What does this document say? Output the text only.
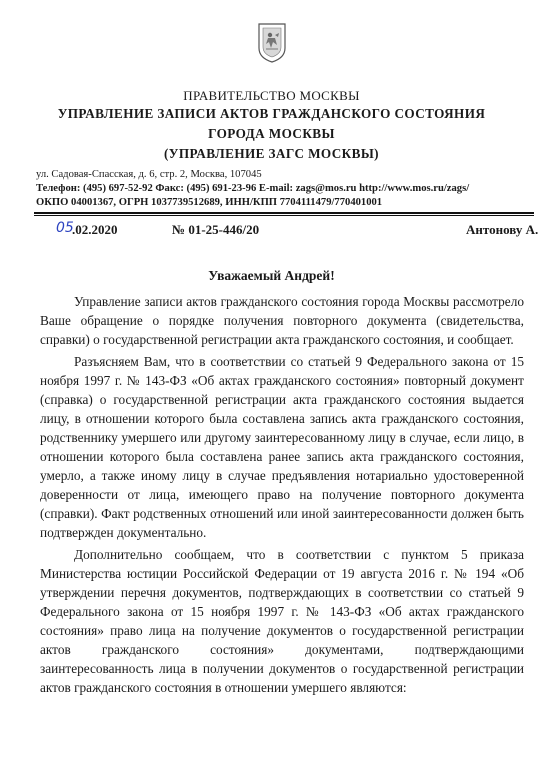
ПРАВИТЕЛЬСТВО МОСКВЫ
УПРАВЛЕНИЕ ЗАПИСИ АКТОВ ГРАЖДАНСКОГО СОСТОЯНИЯ
ГОРОДА МОСКВЫ
(УПРАВЛЕНИЕ ЗАГС МОСКВЫ)
ул. Садовая-Спасская, д. 6, стр. 2, Москва, 107045
Телефон: (495) 697-52-92 Факс: (495) 691-23-96 E-mail: zags@mos.ru http://www.mos.ru/zags/
ОКПО 04001367, ОГРН 1037739512689, ИНН/КПП 7704111479/770401001
05
.02.2020	№ 01-25-446/20	Антонову А.
Уважаемый Андрей!

Управление записи актов гражданского состояния города Москвы рассмотрело Ваше обращение о порядке получения повторного документа (свидетельства, справки) о государственной регистрации акта гражданского состояния, и сообщает.

Разъясняем Вам, что в соответствии со статьей 9 Федерального закона от 15 ноября 1997 г. № 143-ФЗ «Об актах гражданского состояния» повторный документ (справка) о государственной регистрации акта гражданского состояния выдается лицу, в отношении которого была составлена запись акта гражданского состояния, родственнику умершего или другому заинтересованному лицу в случае, если лицо, в отношении которого была составлена ранее запись акта гражданского состояния, умерло, а также иному лицу в случае предъявления нотариально удостоверенной доверенности от лица, имеющего право на получение повторного документа (справки). Факт родственных отношений или иной заинтересованности должен быть подтвержден документально.

Дополнительно сообщаем, что в соответствии с пунктом 5 приказа Министерства юстиции Российской Федерации от 19 августа 2016 г. № 194 «Об утверждении перечня документов, подтверждающих в соответствии со статьей 9 Федерального закона от 15 ноября 1997 г. № 143-ФЗ «Об актах гражданского состояния» право лица на получение документов о государственной регистрации актов гражданского состояния» документами, подтверждающими заинтересованность лица в получении документов о государственной регистрации актов гражданского состояния в отношении умершего являются:
